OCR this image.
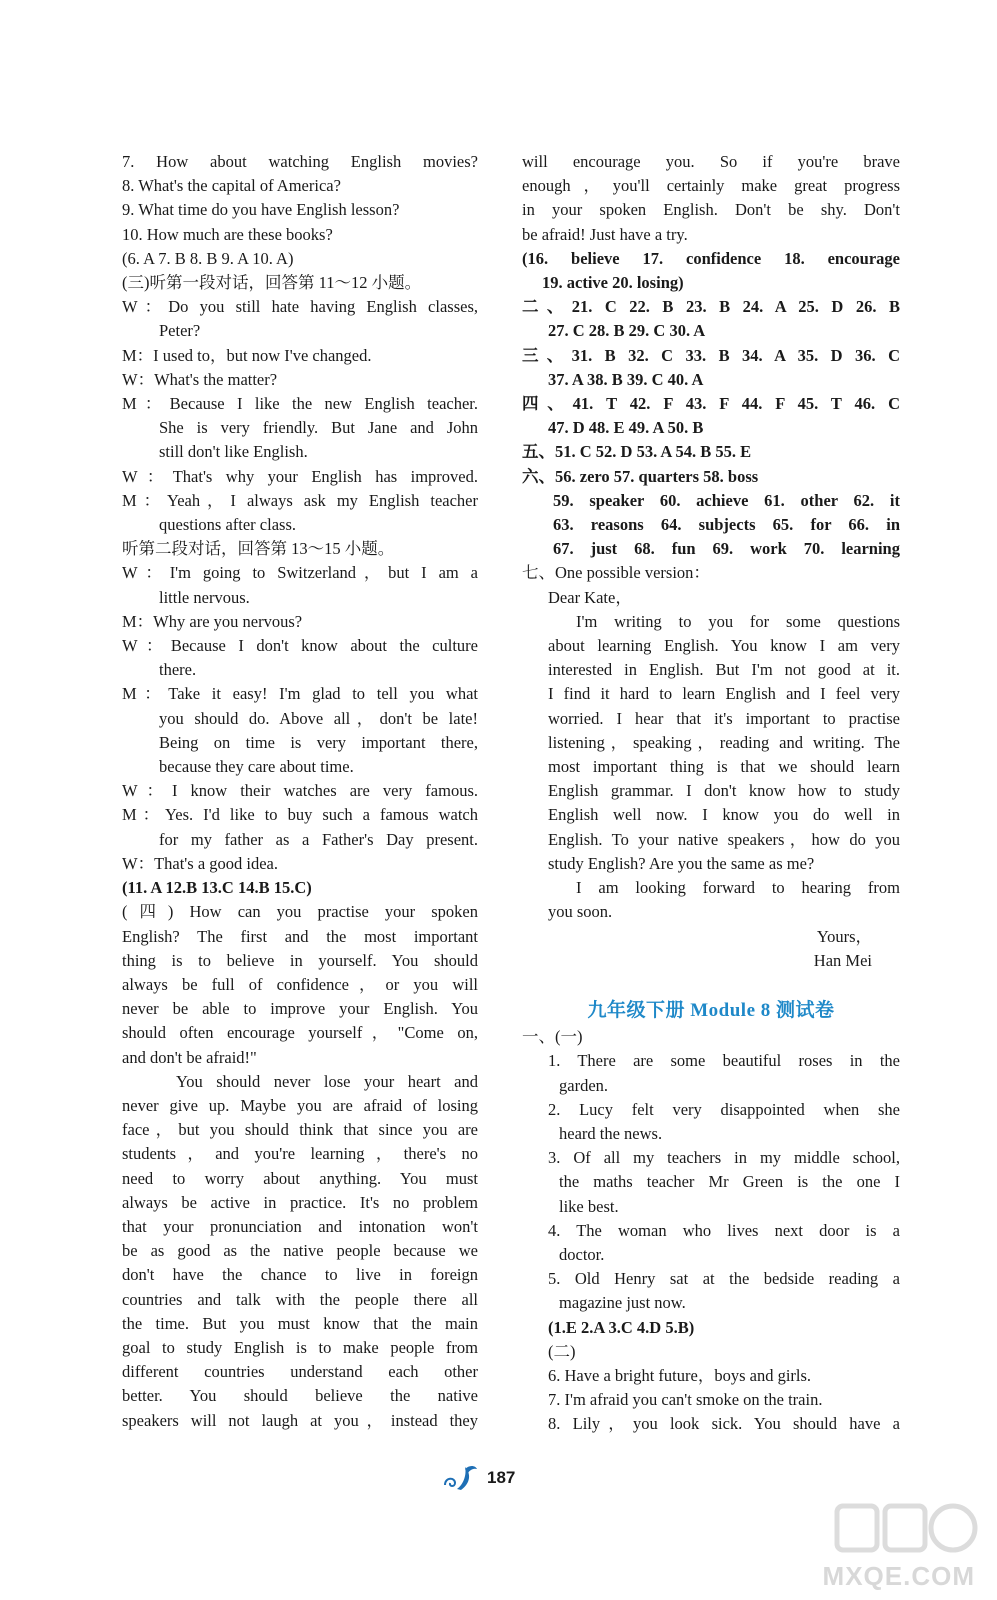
7. How about watching English movies?
8. What's the capital of America?
9. What time do you have English lesson?
10. How much are these books?
(6. A 7. B 8. B 9. A 10. A)
(三)听第一段对话，回答第 11～12 小题。
W：Do you still hate having English classes,
Peter?
M：I used to，but now I've changed.
W：What's the matter?
M：Because I like the new English teacher.
She is very friendly. But Jane and John
still don't like English.
W：That's why your English has improved.
M：Yeah，I always ask my English teacher
questions after class.
听第二段对话，回答第 13～15 小题。
W：I'm going to Switzerland，but I am a
little nervous.
M：Why are you nervous?
W：Because I don't know about the culture
there.
M：Take it easy! I'm glad to tell you what
you should do. Above all，don't be late!
Being on time is very important there,
because they care about time.
W：I know their watches are very famous.
M：Yes. I'd like to buy such a famous watch
for my father as a Father's Day present.
W：That's a good idea.
(11. A 12.B 13.C 14.B 15.C)
(四) How can you practise your spoken
English? The first and the most important
thing is to believe in yourself. You should
always be full of confidence，or you will
never be able to improve your English. You
should often encourage yourself，"Come on,
and don't be afraid!"
You should never lose your heart and
never give up. Maybe you are afraid of losing
face，but you should think that since you are
students，and you're learning，there's no
need to worry about anything. You must
always be active in practice. It's no problem
that your pronunciation and intonation won't
be as good as the native people because we
don't have the chance to live in foreign
countries and talk with the people there all
the time. But you must know that the main
goal to study English is to make people from
different countries understand each other
better. You should believe the native
speakers will not laugh at you，instead they
will encourage you. So if you're brave
enough，you'll certainly make great progress
in your spoken English. Don't be shy. Don't
be afraid! Just have a try.
(16. believe 17. confidence 18. encourage
19. active 20. losing)
二、21. C 22. B 23. B 24. A 25. D 26. B
27. C 28. B 29. C 30. A
三、31. B 32. C 33. B 34. A 35. D 36. C
37. A 38. B 39. C 40. A
四、41. T 42. F 43. F 44. F 45. T 46. C
47. D 48. E 49. A 50. B
五、51. C 52. D 53. A 54. B 55. E
六、56. zero 57. quarters 58. boss
59. speaker 60. achieve 61. other 62. it
63. reasons 64. subjects 65. for 66. in
67. just 68. fun 69. work 70. learning
七、One possible version：
Dear Kate，
I'm writing to you for some questions
about learning English. You know I am very
interested in English. But I'm not good at it.
I find it hard to learn English and I feel very
worried. I hear that it's important to practise
listening，speaking，reading and writing. The
most important thing is that we should learn
English grammar. I don't know how to study
English well now. I know you do well in
English. To your native speakers，how do you
study English? Are you the same as me?
I am looking forward to hearing from
you soon.
Yours，
Han Mei
九年级下册 Module 8 测试卷
一、(一)
1. There are some beautiful roses in the
garden.
2. Lucy felt very disappointed when she
heard the news.
3. Of all my teachers in my middle school,
the maths teacher Mr Green is the one I
like best.
4. The woman who lives next door is a
doctor.
5. Old Henry sat at the bedside reading a
magazine just now.
(1.E 2.A 3.C 4.D 5.B)
(二)
6. Have a bright future，boys and girls.
7. I'm afraid you can't smoke on the train.
8. Lily，you look sick. You should have a
187
MXQE.COM
